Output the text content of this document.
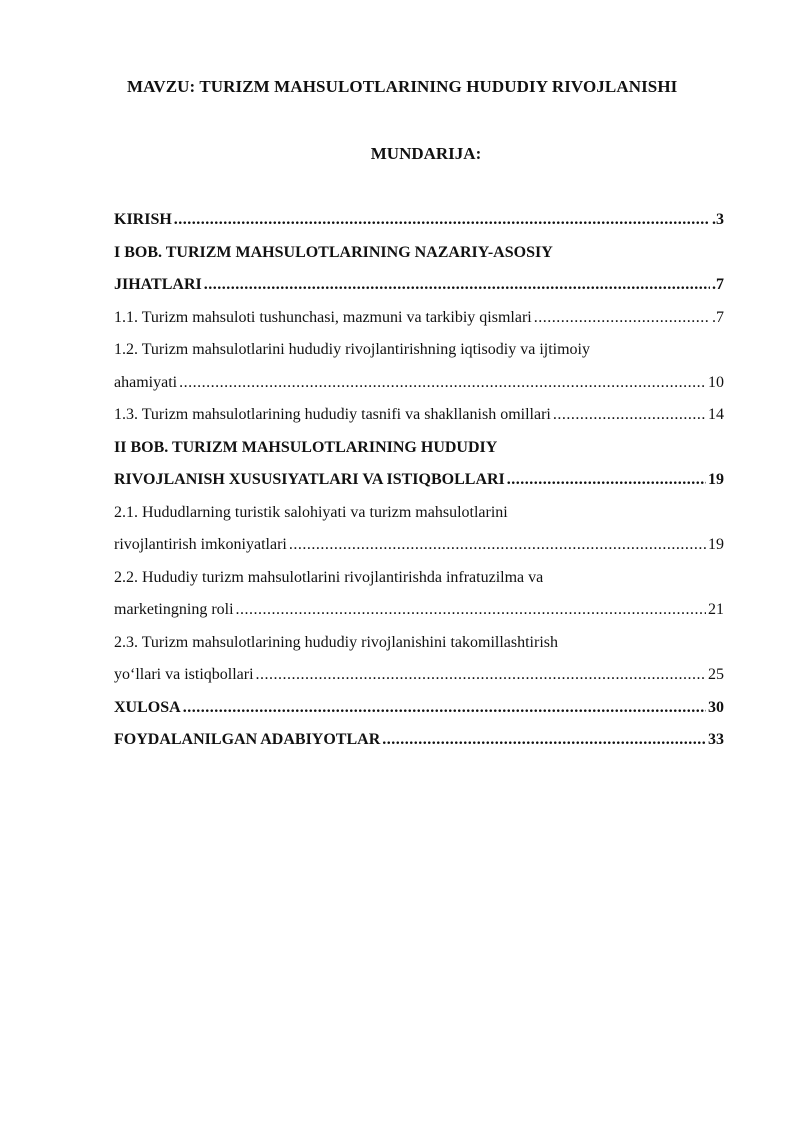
MAVZU: TURIZM MAHSULOTLARINING HUDUDIY RIVOJLANISHI
MUNDARIJA:
KIRISH .....	.3
I BOB. TURIZM MAHSULOTLARINING NAZARIY-ASOSIY
JIHATLARI .....	.7
1.1. Turizm mahsuloti tushunchasi, mazmuni va tarkibiy qismlari .....	.7
1.2. Turizm mahsulotlarini hududiy rivojlantirishning iqtisodiy va ijtimoiy
ahamiyati .....	10
1.3. Turizm mahsulotlarining hududiy tasnifi va shakllanish omillari .....	14
II BOB. TURIZM MAHSULOTLARINING HUDUDIY
RIVOJLANISH XUSUSIYATLARI VA ISTIQBOLLARI .....	19
2.1. Hududlarning turistik salohiyati va turizm mahsulotlarini
rivojlantirish imkoniyatlari .....	19
2.2. Hududiy turizm mahsulotlarini rivojlantirishda infratuzilma va
marketingning roli .....	21
2.3. Turizm mahsulotlarining hududiy rivojlanishini takomillashtirish
yo‘llari va istiqbollari .....	25
XULOSA .....	30
FOYDALANILGAN ADABIYOTLAR .....	33
